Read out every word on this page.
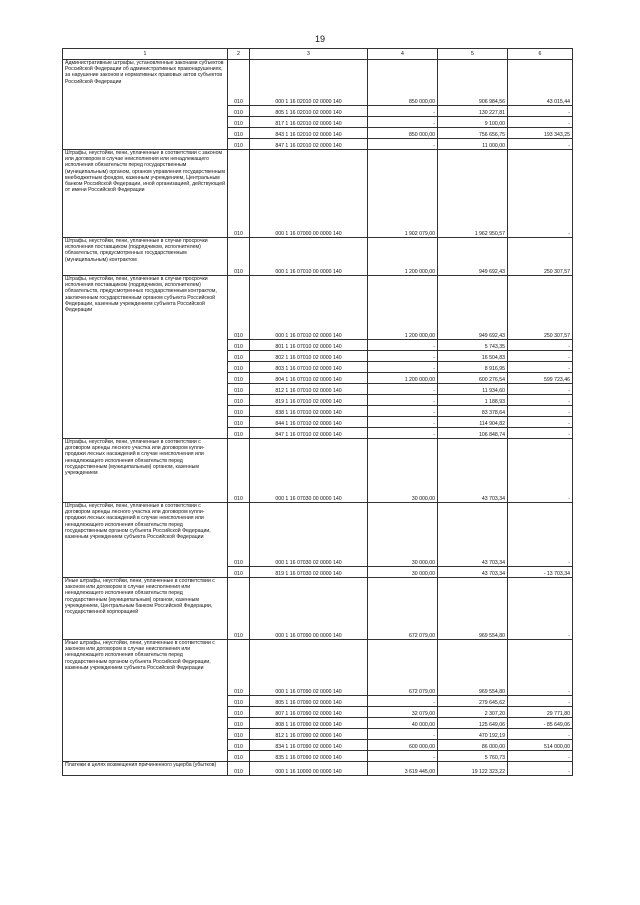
19
1	2	3	4	5	6
Административные штрафы, установленные законами субъектов Российской Федерации об административных правонарушениях, за нарушение законов и нормативных правовых актов субъектов Российской Федерации	010	000 1 16 02010 02 0000 140	850 000,00	906 984,56	43 015,44
	010	805 1 16 02010 02 0000 140	-	130 227,81	-
	010	817 1 16 02010 02 0000 140	-	9 100,00	-
	010	843 1 16 02010 02 0000 140	850 000,00	756 656,75	193 343,25
	010	847 1 16 02010 02 0000 140	-	11 000,00	-
Штрафы, неустойки, пени, уплаченные в соответствии с законом или договором в случае неисполнения или ненадлежащего исполнения обязательств перед государственным (муниципальным) органом, органом управления государственным внебюджетным фондом, казенным учреждением, Центральным банком Российской Федерации, иной организацией, действующей от имени Российской Федерации	010	000 1 16 07000 00 0000 140	1 902 079,00	1 962 950,57	-
Штрафы, неустойки, пени, уплаченные в случае просрочки исполнения поставщиком (подрядчиком, исполнителем) обязательств, предусмотренных государственным (муниципальным) контрактом	010	000 1 16 07010 00 0000 140	1 200 000,00	949 692,43	250 307,57
Штрафы, неустойки, пени, уплаченные в случае просрочки исполнения поставщиком (подрядчиком, исполнителем) обязательств, предусмотренных государственным контрактом, заключенным государственным органом субъекта Российской Федерации, казенным учреждением субъекта Российской Федерации	010	000 1 16 07010 02 0000 140	1 200 000,00	949 692,43	250 307,57
	010	801 1 16 07010 02 0000 140	-	5 743,35	-
	010	802 1 16 07010 02 0000 140	-	16 504,83	-
	010	803 1 16 07010 02 0000 140	-	8 916,95	-
	010	804 1 16 07010 02 0000 140	1 200 000,00	600 276,54	599 723,46
	010	812 1 16 07010 02 0000 140	-	11 934,60	-
	010	819 1 16 07010 02 0000 140	-	1 188,93	-
	010	838 1 16 07010 02 0000 140	-	83 378,64	-
	010	844 1 16 07010 02 0000 140	-	114 904,82	-
	010	847 1 16 07010 02 0000 140	-	106 848,74	-
Штрафы, неустойки, пени, уплаченные в соответствии с договором аренды лесного участка или договором купли-продажи лесных насаждений в случае неисполнения или ненадлежащего исполнения обязательств перед государственным (муниципальным) органом, казенным учреждением	010	000 1 16 07030 00 0000 140	30 000,00	43 703,34	-
Штрафы, неустойки, пени, уплаченные в соответствии с договором аренды лесного участка или договором купли-продажи лесных насаждений в случае неисполнения или ненадлежащего исполнения обязательств перед государственным органом субъекта Российской Федерации, казенным учреждением субъекта Российской Федерации	010	000 1 16 07030 02 0000 140	30 000,00	43 703,34	-
	010	819 1 16 07030 02 0000 140	30 000,00	43 703,34	- 13 703,34
Иные штрафы, неустойки, пени, уплаченные в соответствии с законом или договором в случае неисполнения или ненадлежащего исполнения обязательств перед государственным (муниципальным) органом, казенным учреждением, Центральным банком Российской Федерации, государственной корпорацией	010	000 1 16 07090 00 0000 140	672 079,00	969 554,80	-
Иные штрафы, неустойки, пени, уплаченные в соответствии с законом или договором в случае неисполнения или ненадлежащего исполнения обязательств перед государственным органом субъекта Российской Федерации, казенным учреждением субъекта Российской Федерации	010	000 1 16 07090 02 0000 140	672 079,00	969 554,80	-
	010	805 1 16 07090 02 0000 140	-	279 645,62	-
	010	807 1 16 07090 02 0000 140	32 079,00	2 307,20	29 771,80
	010	808 1 16 07090 02 0000 140	40 000,00	125 649,06	- 85 649,06
	010	812 1 16 07090 02 0000 140	-	470 192,19	-
	010	834 1 16 07090 02 0000 140	600 000,00	86 000,00	514 000,00
	010	835 1 16 07090 02 0000 140	-	5 760,73	-
Платежи в целях возмещения причиненного ущерба (убытков)	010	000 1 16 10000 00 0000 140	3 619 445,00	19 122 323,22	-
